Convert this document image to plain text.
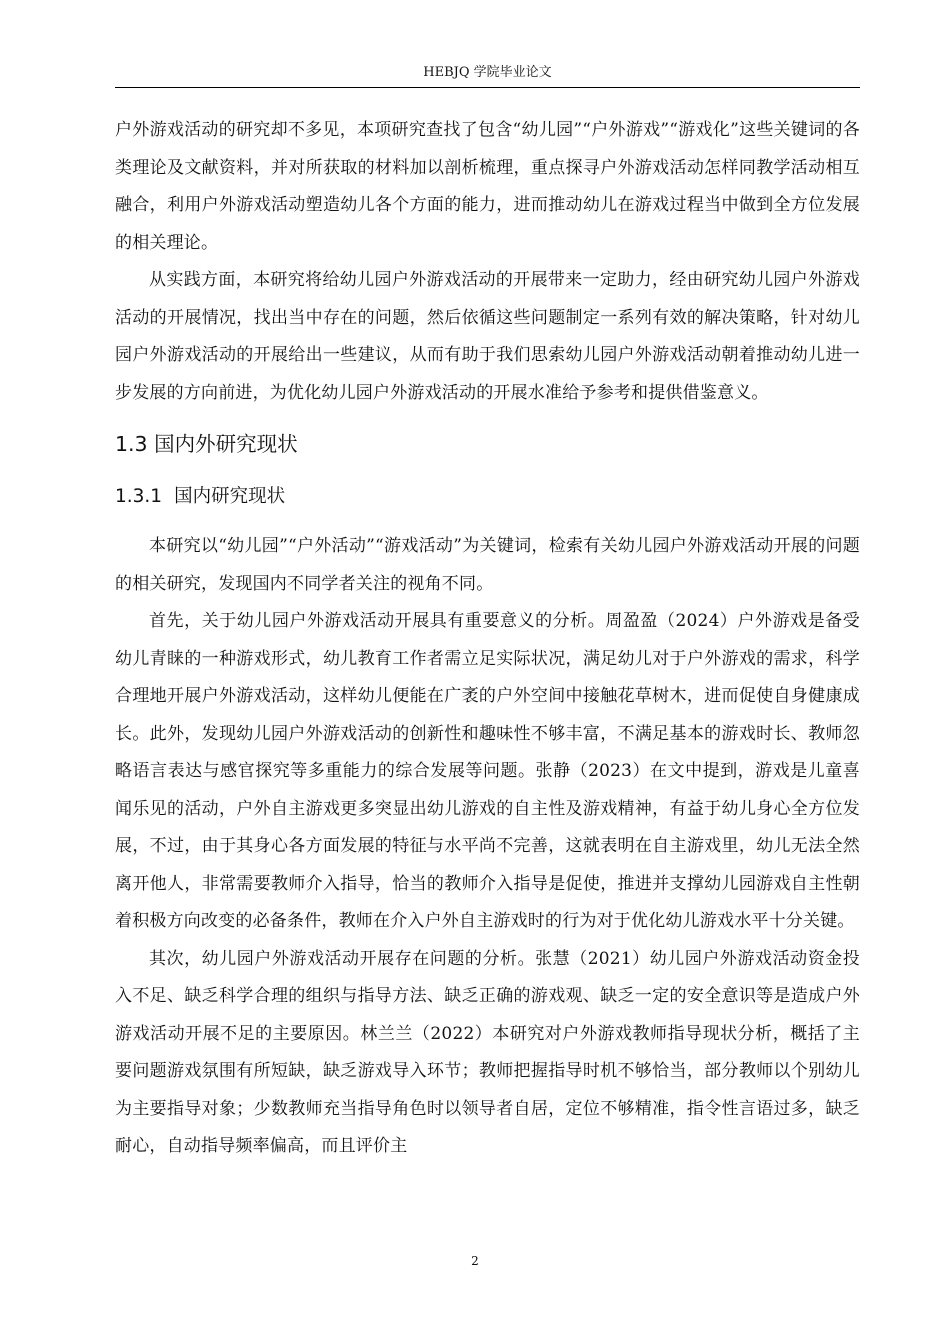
HEBJQ 学院毕业论文

户外游戏活动的研究却不多见，本项研究查找了包含“幼儿园”“户外游戏”“游戏化”这些关键词的各类理论及文献资料，并对所获取的材料加以剖析梳理，重点探寻户外游戏活动怎样同教学活动相互融合，利用户外游戏活动塑造幼儿各个方面的能力，进而推动幼儿在游戏过程当中做到全方位发展的相关理论。

从实践方面，本研究将给幼儿园户外游戏活动的开展带来一定助力，经由研究幼儿园户外游戏活动的开展情况，找出当中存在的问题，然后依循这些问题制定一系列有效的解决策略，针对幼儿园户外游戏活动的开展给出一些建议，从而有助于我们思索幼儿园户外游戏活动朝着推动幼儿进一步发展的方向前进，为优化幼儿园户外游戏活动的开展水准给予参考和提供借鉴意义。

1.3 国内外研究现状
1.3.1 国内研究现状

本研究以“幼儿园”“户外活动”“游戏活动”为关键词，检索有关幼儿园户外游戏活动开展的问题的相关研究，发现国内不同学者关注的视角不同。

首先，关于幼儿园户外游戏活动开展具有重要意义的分析。周盈盈（2024）户外游戏是备受幼儿青睐的一种游戏形式，幼儿教育工作者需立足实际状况，满足幼儿对于户外游戏的需求，科学合理地开展户外游戏活动，这样幼儿便能在广袤的户外空间中接触花草树木，进而促使自身健康成长。此外，发现幼儿园户外游戏活动的创新性和趣味性不够丰富，不满足基本的游戏时长、教师忽略语言表达与感官探究等多重能力的综合发展等问题。张静（2023）在文中提到，游戏是儿童喜闻乐见的活动，户外自主游戏更多突显出幼儿游戏的自主性及游戏精神，有益于幼儿身心全方位发展，不过，由于其身心各方面发展的特征与水平尚不完善，这就表明在自主游戏里，幼儿无法全然离开他人，非常需要教师介入指导，恰当的教师介入指导是促使，推进并支撑幼儿园游戏自主性朝着积极方向改变的必备条件，教师在介入户外自主游戏时的行为对于优化幼儿游戏水平十分关键。

其次，幼儿园户外游戏活动开展存在问题的分析。张慧（2021）幼儿园户外游戏活动资金投入不足、缺乏科学合理的组织与指导方法、缺乏正确的游戏观、缺乏一定的安全意识等是造成户外游戏活动开展不足的主要原因。林兰兰（2022）本研究对户外游戏教师指导现状分析，概括了主要问题游戏氛围有所短缺，缺乏游戏导入环节；教师把握指导时机不够恰当，部分教师以个别幼儿为主要指导对象；少数教师充当指导角色时以领导者自居，定位不够精准，指令性言语过多，缺乏耐心，自动指导频率偏高，而且评价主

2
